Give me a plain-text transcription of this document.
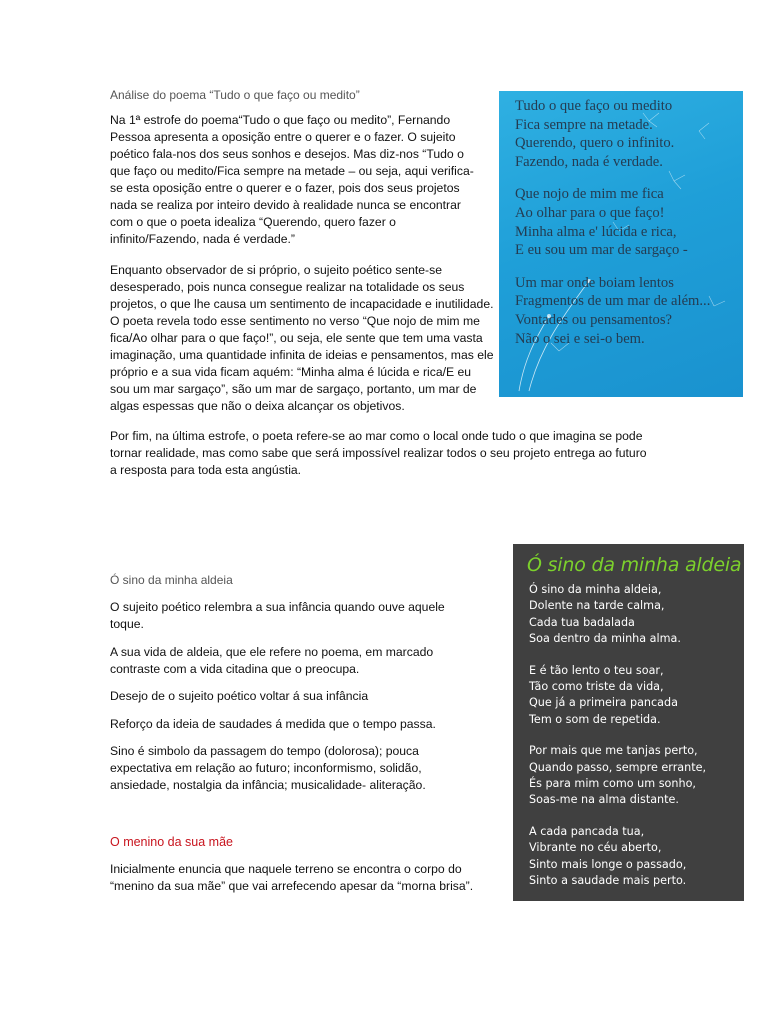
Análise do poema “Tudo o que faço ou medito”

Na 1ª estrofe do poema“Tudo o que faço ou medito”, Fernando Pessoa apresenta a oposição entre o querer e o fazer. O sujeito poético fala-nos dos seus sonhos e desejos. Mas diz-nos “Tudo o que faço ou medito/Fica sempre na metade – ou seja, aqui verifica-se esta oposição entre o querer e o fazer, pois dos seus projetos nada se realiza por inteiro devido à realidade nunca se encontrar com o que o poeta idealiza “Querendo, quero fazer o infinito/Fazendo, nada é verdade.”

Enquanto observador de si próprio, o sujeito poético sente-se desesperado, pois nunca consegue realizar na totalidade os seus projetos, o que lhe causa um sentimento de incapacidade e inutilidade. O poeta revela todo esse sentimento no verso “Que nojo de mim me fica/Ao olhar para o que faço!”, ou seja, ele sente que tem uma vasta imaginação, uma quantidade infinita de ideias e pensamentos, mas ele próprio e a sua vida ficam aquém: “Minha alma é lúcida e rica/E eu sou um mar sargaço”, são um mar de sargaço, portanto, um mar de algas espessas que não o deixa alcançar os objetivos.

Por fim, na última estrofe, o poeta refere-se ao mar como o local onde tudo o que imagina se pode tornar realidade, mas como sabe que será impossível realizar todos o seu projeto entrega ao futuro a resposta para toda esta angústia.

Tudo o que faço ou medito
Fica sempre na metade.
Querendo, quero o infinito.
Fazendo, nada é verdade.
Que nojo de mim me fica
Ao olhar para o que faço!
Minha alma e' lúcida e rica,
E eu sou um mar de sargaço -
Um mar onde boiam lentos
Fragmentos de um mar de além...
Vontades ou pensamentos?
Não o sei e sei-o bem.

Ó sino da minha aldeia

O sujeito poético relembra a sua infância quando ouve aquele toque.

A sua vida de aldeia, que ele refere no poema, em marcado contraste com a vida citadina que o preocupa.

Desejo de o sujeito poético voltar á sua infância

Reforço da ideia de saudades á medida que o tempo passa.

Sino é simbolo da passagem do tempo (dolorosa); pouca expectativa em relação ao futuro; inconformismo, solidão, ansiedade, nostalgia da infância; musicalidade- aliteração.

Ó sino da minha aldeia
Ó sino da minha aldeia,
Dolente na tarde calma,
Cada tua badalada
Soa dentro da minha alma.
E é tão lento o teu soar,
Tão como triste da vida,
Que já a primeira pancada
Tem o som de repetida.
Por mais que me tanjas perto,
Quando passo, sempre errante,
És para mim como um sonho,
Soas-me na alma distante.
A cada pancada tua,
Vibrante no céu aberto,
Sinto mais longe o passado,
Sinto a saudade mais perto.

O menino da sua mãe

Inicialmente enuncia que naquele terreno se encontra o corpo do “menino da sua mãe” que vai arrefecendo apesar da “morna brisa”.
